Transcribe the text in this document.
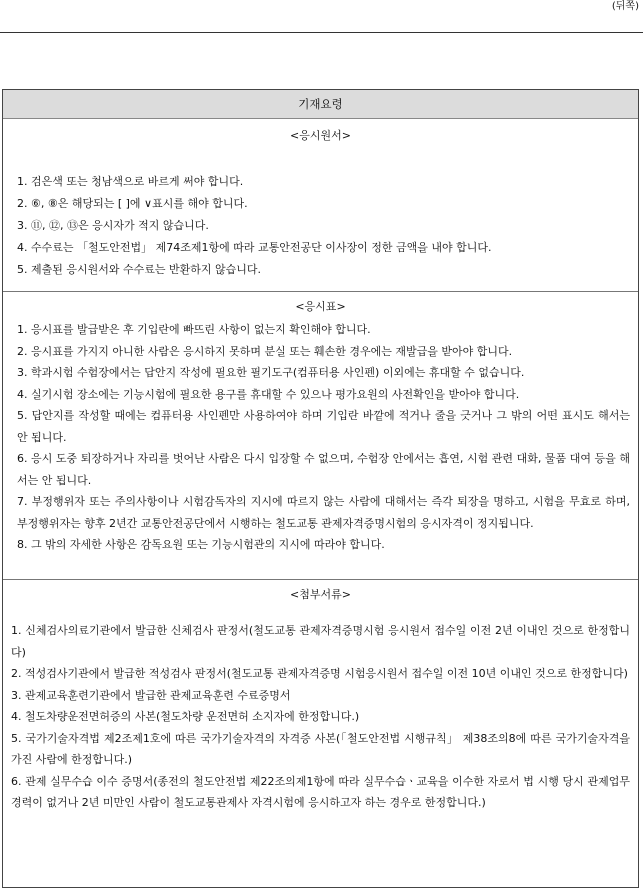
(뒤쪽)
기재요령
<응시원서>
1. 검은색 또는 청남색으로 바르게 써야 합니다.
2. ⑥, ⑧은 해당되는 [ ]에 ∨표시를 해야 합니다.
3. ⑪, ⑫, ⑬은 응시자가 적지 않습니다.
4. 수수료는 「철도안전법」 제74조제1항에 따라 교통안전공단 이사장이 정한 금액을 내야 합니다.
5. 제출된 응시원서와 수수료는 반환하지 않습니다.
<응시표>
1. 응시표를 발급받은 후 기입란에 빠뜨린 사항이 없는지 확인해야 합니다.
2. 응시표를 가지지 아니한 사람은 응시하지 못하며 분실 또는 훼손한 경우에는 재발급을 받아야 합니다.
3. 학과시험 수험장에서는 답안지 작성에 필요한 필기도구(컴퓨터용 사인펜) 이외에는 휴대할 수 없습니다.
4. 실기시험 장소에는 기능시험에 필요한 용구를 휴대할 수 있으나 평가요원의 사전확인을 받아야 합니다.
5. 답안지를 작성할 때에는 컴퓨터용 사인펜만 사용하여야 하며 기입란 바깥에 적거나 줄을 긋거나 그 밖의 어떤 표시도 해서는 안 됩니다.
6. 응시 도중 퇴장하거나 자리를 벗어난 사람은 다시 입장할 수 없으며, 수험장 안에서는 흡연, 시험 관련 대화, 물품 대여 등을 해서는 안 됩니다.
7. 부정행위자 또는 주의사항이나 시험감독자의 지시에 따르지 않는 사람에 대해서는 즉각 퇴장을 명하고, 시험을 무효로 하며, 부정행위자는 향후 2년간 교통안전공단에서 시행하는 철도교통 관제자격증명시험의 응시자격이 정지됩니다.
8. 그 밖의 자세한 사항은 감독요원 또는 기능시험관의 지시에 따라야 합니다.
<첨부서류>
1. 신체검사의료기관에서 발급한 신체검사 판정서(철도교통 관제자격증명시험 응시원서 접수일 이전 2년 이내인 것으로 한정합니다)
2. 적성검사기관에서 발급한 적성검사 판정서(철도교통 관제자격증명 시험응시원서 접수일 이전 10년 이내인 것으로 한정합니다)
3. 관제교육훈련기관에서 발급한 관제교육훈련 수료증명서
4. 철도차량운전면허증의 사본(철도차량 운전면허 소지자에 한정합니다.)
5. 국가기술자격법 제2조제1호에 따른 국가기술자격의 자격증 사본(「철도안전법 시행규칙」 제38조의8에 따른 국가기술자격을 가진 사람에 한정합니다.)
6. 관제 실무수습 이수 증명서(종전의 철도안전법 제22조의제1항에 따라 실무수습ㆍ교육을 이수한 자로서 법 시행 당시 관제업무 경력이 없거나 2년 미만인 사람이 철도교통관제사 자격시험에 응시하고자 하는 경우로 한정합니다.)
